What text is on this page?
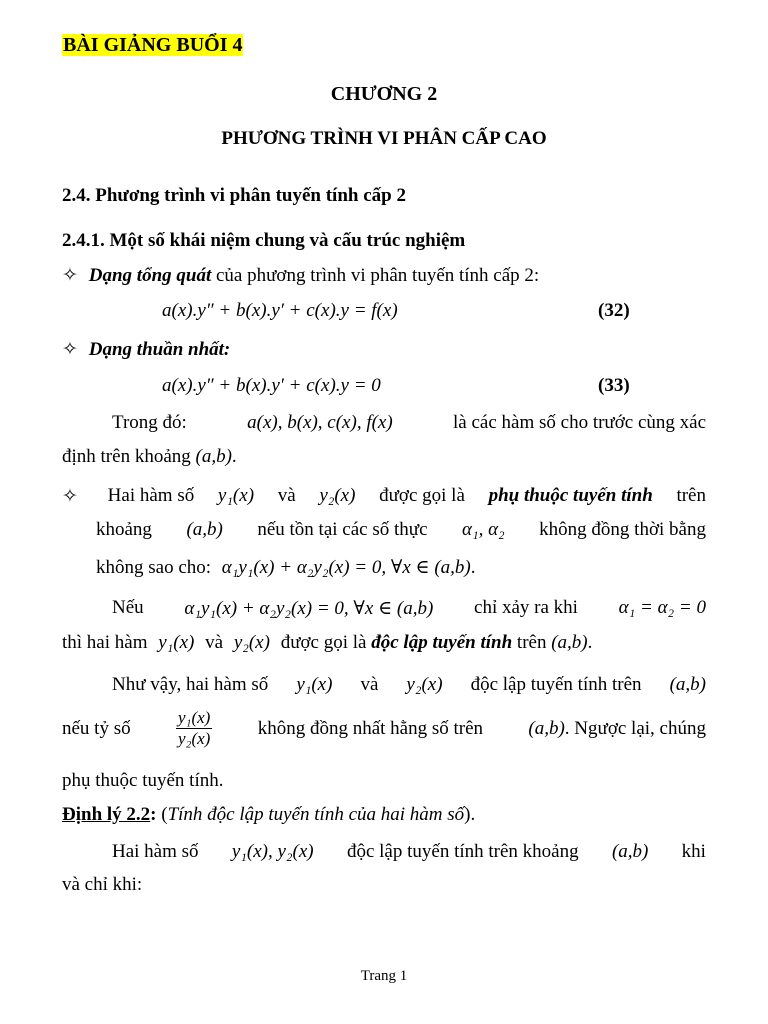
BÀI GIẢNG BUỔI 4
CHƯƠNG 2
PHƯƠNG TRÌNH VI PHÂN CẤP CAO
2.4. Phương trình vi phân tuyến tính cấp 2
2.4.1. Một số khái niệm chung và cấu trúc nghiệm
✧ Dạng tổng quát của phương trình vi phân tuyến tính cấp 2:
a(x).y″ + b(x).y′ + c(x).y = f(x)	(32)
✧ Dạng thuần nhất:
a(x).y″ + b(x).y′ + c(x).y = 0	(33)
Trong đó:	a(x), b(x), c(x), f(x)	là các hàm số cho trước cùng xác
định trên khoảng (a,b).
✧	Hai hàm số y₁(x) và y₂(x) được gọi là phụ thuộc tuyến tính trên
khoảng (a,b) nếu tồn tại các số thực α₁, α₂ không đồng thời bằng
không sao cho: α₁y₁(x) + α₂y₂(x) = 0, ∀x ∈ (a,b).
Nếu α₁y₁(x) + α₂y₂(x) = 0, ∀x ∈ (a,b) chỉ xảy ra khi α₁ = α₂ = 0
thì hai hàm y₁(x) và y₂(x) được gọi là độc lập tuyến tính trên (a,b).
Như vậy, hai hàm số y₁(x) và y₂(x) độc lập tuyến tính trên (a,b)
nếu tỷ số	$\frac{\text{y₁(x)}}{\text{y₂(x)}}$ không đồng nhất hằng số trên (a,b). Ngược lại, chúng
phụ thuộc tuyến tính.
Định lý 2.2: (Tính độc lập tuyến tính của hai hàm số).
Hai hàm số y₁(x), y₂(x) độc lập tuyến tính trên khoảng (a,b) khi
và chỉ khi:
Trang 1
